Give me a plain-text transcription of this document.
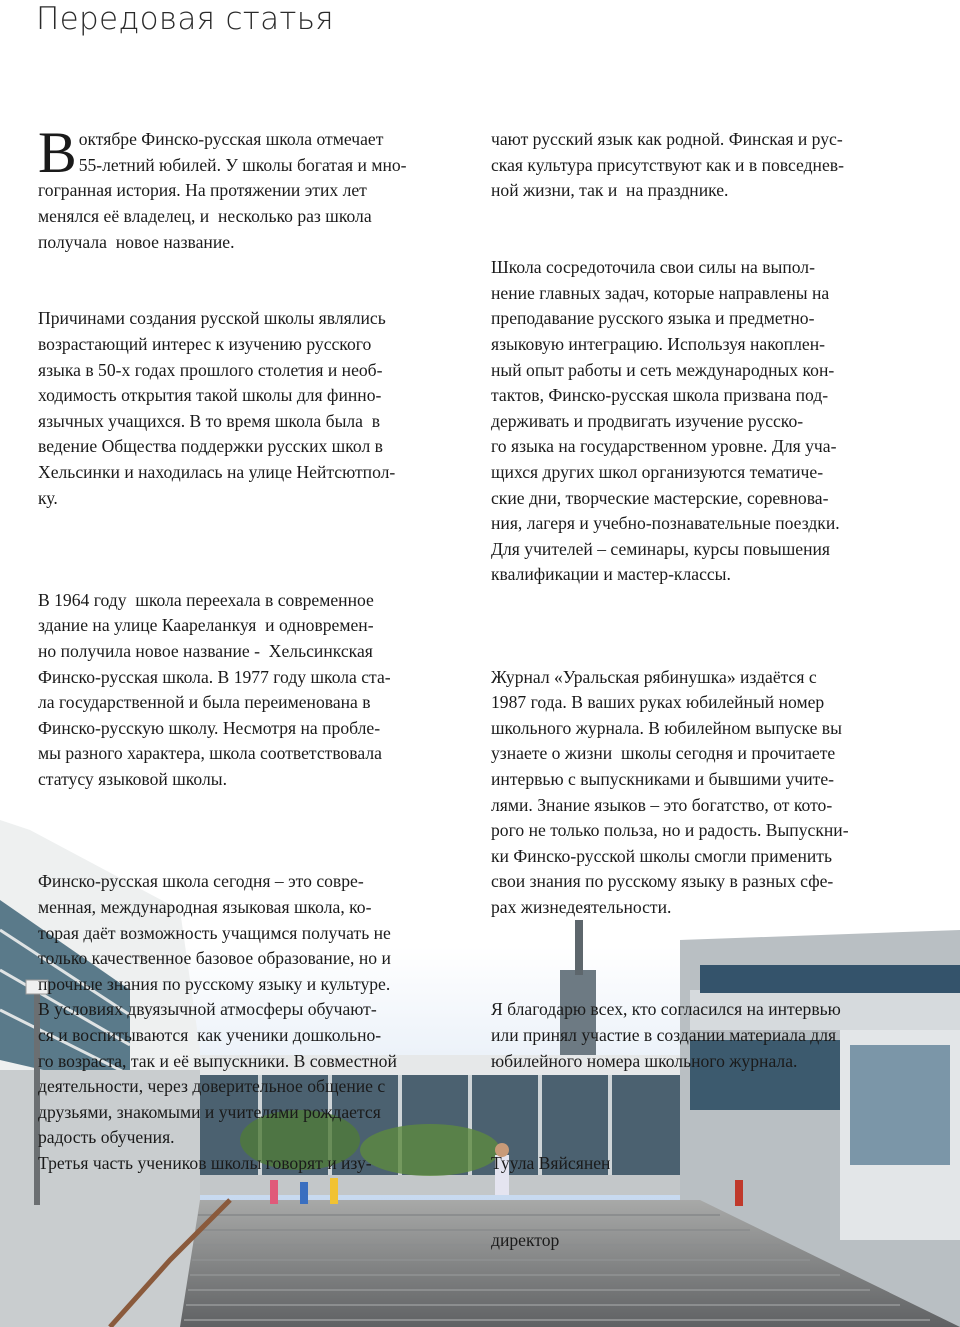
Передовая статья

Воктябре Финско-русская школа отмечает
55-летний юбилей. У школы богатая и мно-
гогранная история. На протяжении этих лет
менялся её владелец, и  несколько раз школа
получала  новое название.

Причинами создания русской школы являлись
возрастающий интерес к изучению русского
языка в 50-х годах прошлого столетия и необ-
ходимость открытия такой школы для финно-
язычных учащихся. В то время школа была  в
ведение Общества поддержки русских школ в
Хельсинки и находилась на улице Нейтсютпол-
ку.

В 1964 году  школа переехала в современное
здание на улице Каареланкуя  и одновремен-
но получила новое название -  Хельсинкская
Финско-русская школа. В 1977 году школа ста-
ла государственной и была переименована в
Финско-русскую школу. Несмотря на пробле-
мы разного характера, школа соответствовала
статусу языковой школы.

Финско-русская школа сегодня – это совре-
менная, международная языковая школа, ко-
торая даёт возможность учащимся получать не
только качественное базовое образование, но и
прочные знания по русскому языку и культуре.
В условиях двуязычной атмосферы обучают-
ся и воспитываются  как ученики дошкольно-
го возраста, так и её выпускники. В совместной
деятельности, через доверительное общение с
друзьями, знакомыми и учителями рождается
радость обучения.
Третья часть учеников школы говорят и изу-

чают русский язык как родной. Финская и рус-
ская культура присутствуют как и в повседнев-
ной жизни, так и  на празднике.

Школа сосредоточила свои силы на выпол-
нение главных задач, которые направлены на
преподавание русского языка и предметно-
языковую интеграцию. Используя накоплен-
ный опыт работы и сеть международных кон-
тактов, Финско-русская школа призвана под-
держивать и продвигать изучение русско-
го языка на государственном уровне. Для уча-
щихся других школ организуются тематиче-
ские дни, творческие мастерские, соревнова-
ния, лагеря и учебно-познавательные поездки.
Для учителей – семинары, курсы повышения
квалификации и мастер-классы.

Журнал «Уральская рябинушка» издаётся с
1987 года. В ваших руках юбилейный номер
школьного журнала. В юбилейном выпуске вы
узнаете о жизни  школы сегодня и прочитаете
интервью с выпускниками и бывшими учите-
лями. Знание языков – это богатство, от кото-
рого не только польза, но и радость. Выпускни-
ки Финско-русской школы смогли применить
свои знания по русскому языку в разных сфе-
рах жизнедеятельности.

Я благодарю всех, кто согласился на интервью
или принял участие в создании материала для
юбилейного номера школьного журнала.

Туула Вяйсянен

директор
